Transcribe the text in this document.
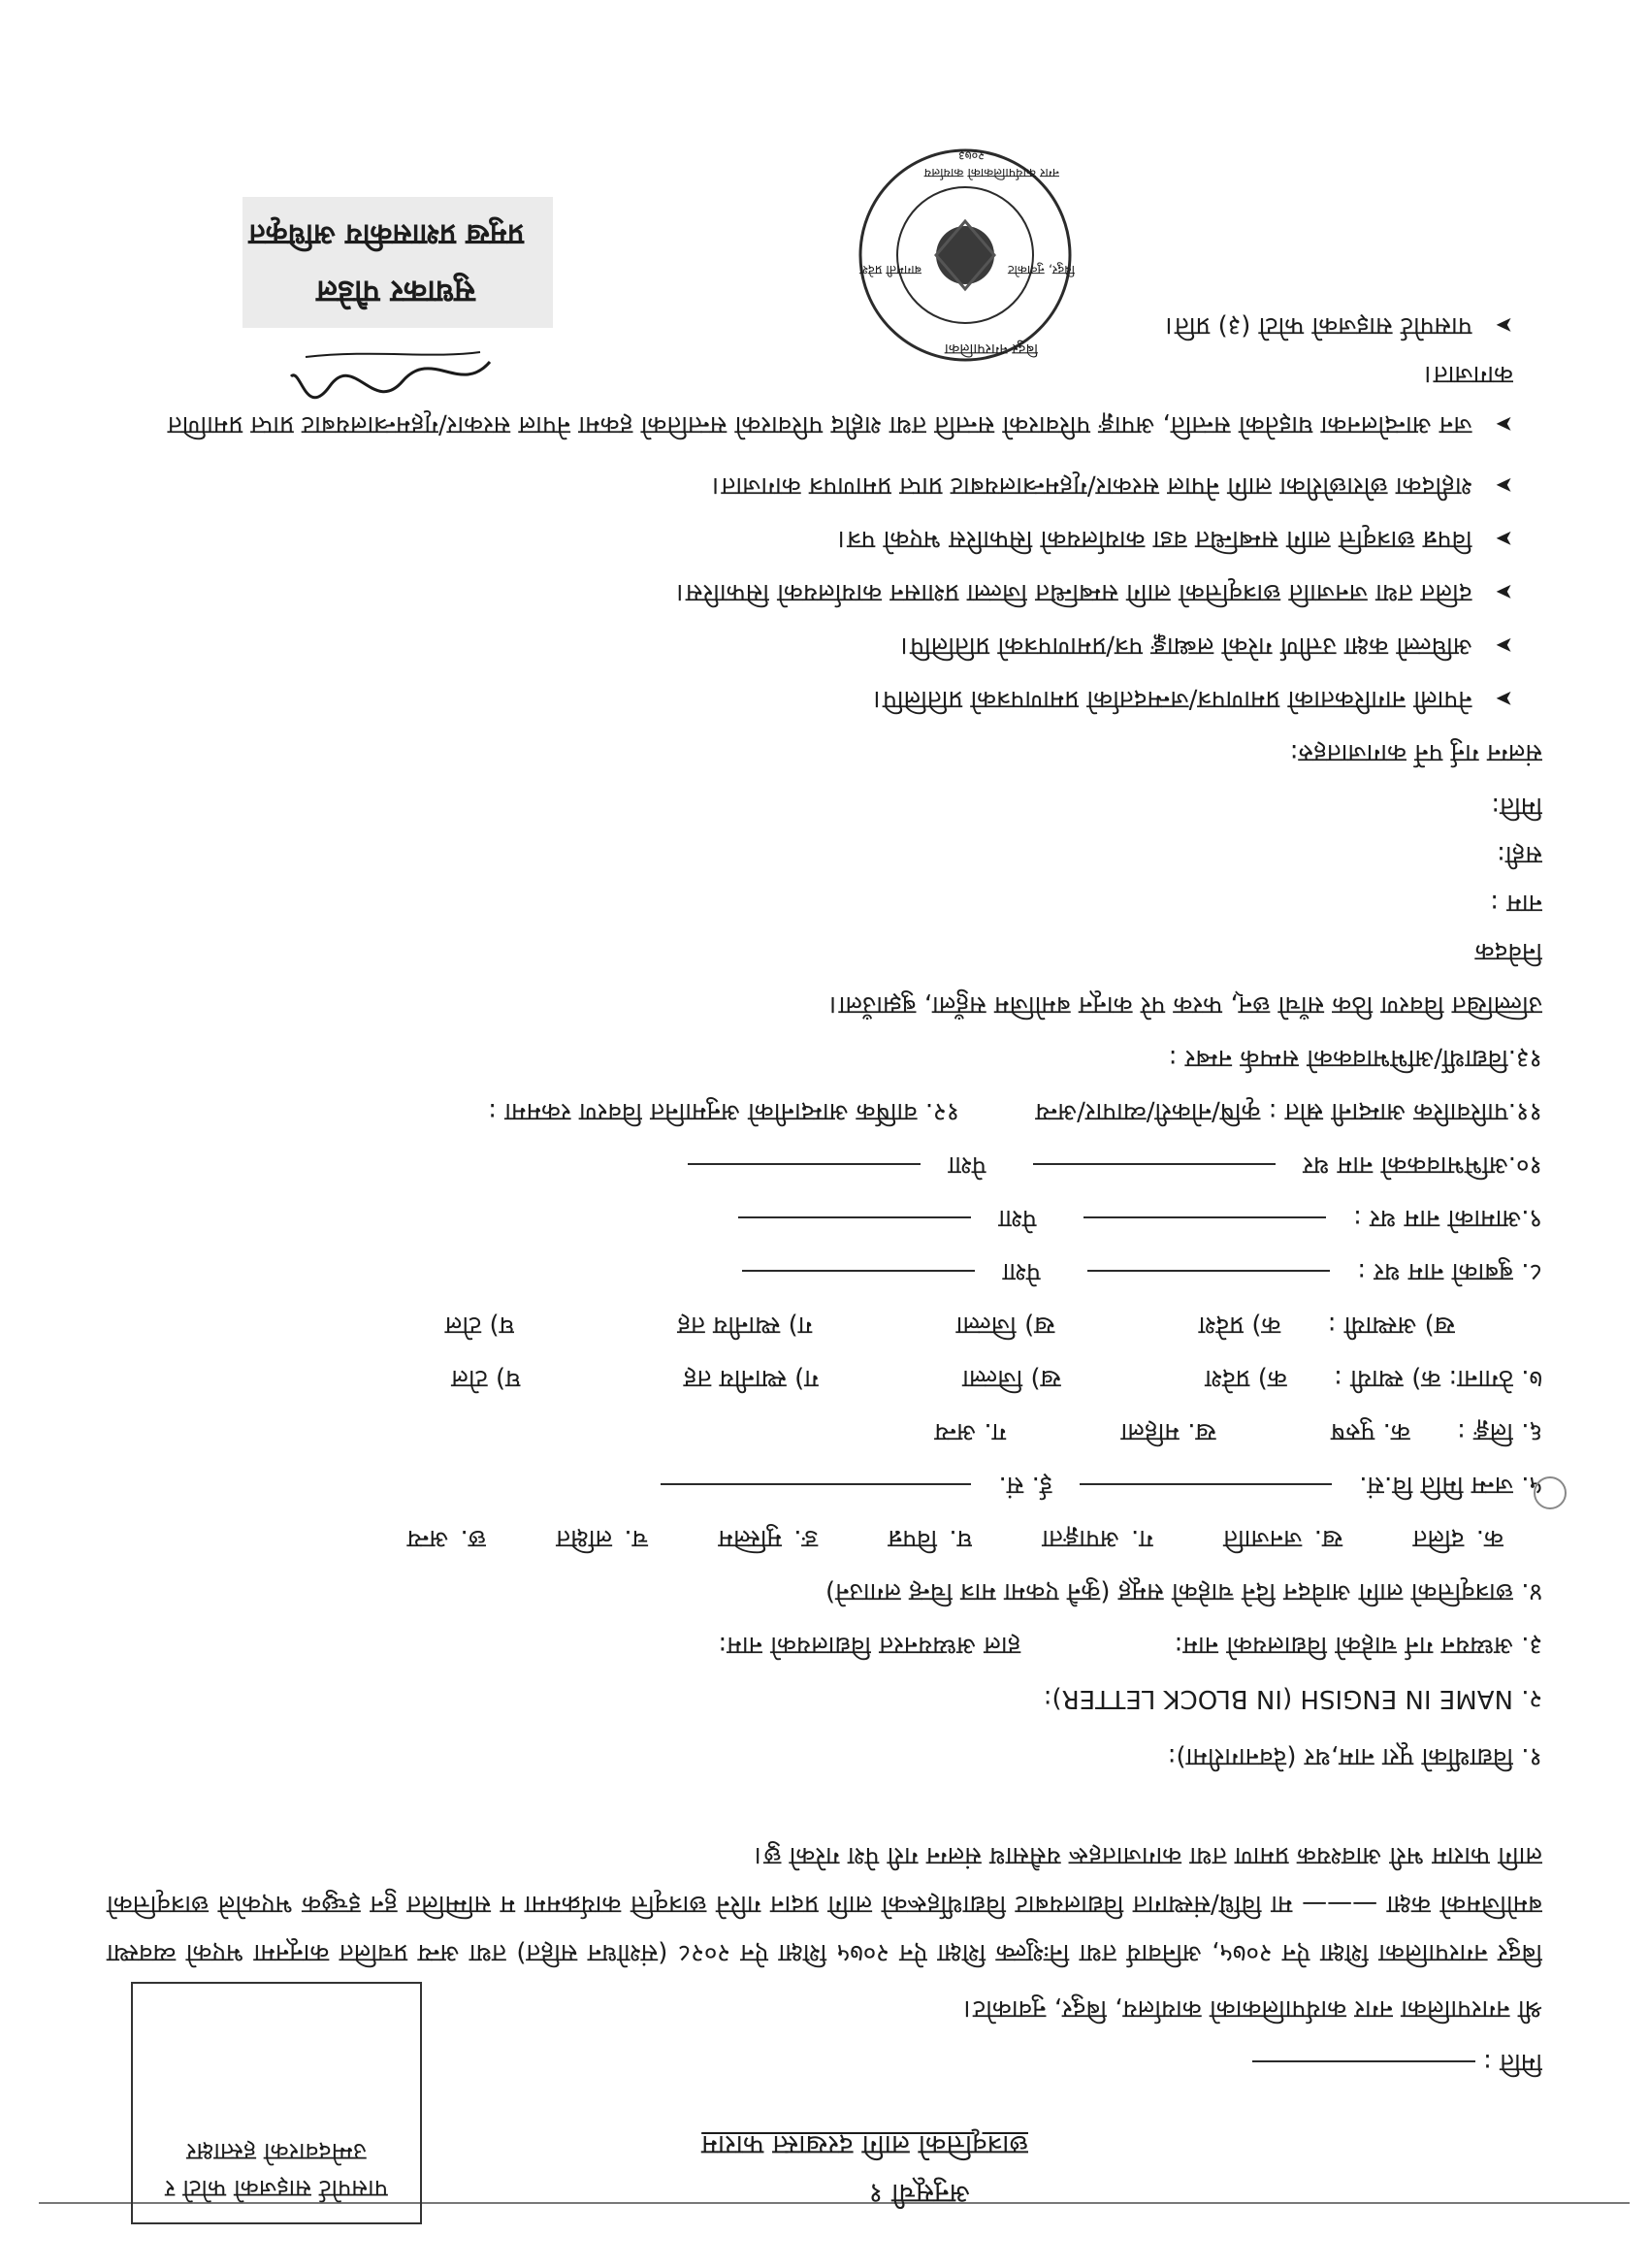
अनुसूची १
छात्रवृत्तिको लागि दरखास्त फाराम
पासपोर्ट साइजको फोटो र उम्मेदवारको हस्ताक्षर
मिति :
श्री नगरपालिका नगर कार्यपालिकाको कार्यालय, बिदुर, नुवाकोट।
बिदुर नगरपालिका शिक्षा ऐन २०७५, अनिवार्य तथा निःशुल्क शिक्षा ऐन २०७५ शिक्षा ऐन २०२८ (संशोधन सहित) तथा अन्य प्रचलित कानूनमा भएको व्यवस्था बमोजिमको कक्षा ——— मा विधि/संस्थागत विद्यालयबाट विद्यार्थीहरूको लागि प्रदान गरिने छात्रवृत्ति कार्यक्रममा म सम्मिलित हुन इच्छुक भएकोले छात्रवृत्तिको लागि फाराम भरी आवश्यक प्रमाण तथा कागजातहरू यसैसाथ संलग्न गरी पेश गरेको छु।
१. विद्यार्थीको पूरा नाम,थर (देवनागरीमा):
२. NAME IN ENGISH (IN BLOCK LETTER):
३. अध्ययन गर्न चाहेको विद्यालयको नाम: हाल अध्ययनरत विद्यालयको नाम:
४. छात्रवृत्तिको लागि आवेदन दिने चाहेको समूह (कुनै एकमा मात्र चिन्ह लगाउने)
क. दलित ख. जनजाति ग. अपाङ्गता घ. विपन्न ङ. मुस्लिम च. लक्षित छ. अन्य
५. जन्म मिति वि.सं.  ई. सं.
६. लिङ्ग : क. पुरुष ख. महिला ग. अन्य
७. ठेगाना: क) स्थायी : क) प्रदेश ख) जिल्ला ग) स्थानीय तह घ) टोल
ख) अस्थायी : क) प्रदेश ख) जिल्ला ग) स्थानीय तह घ) टोल
८. बुबाको नाम थर :  पेशा
९.आमाको नाम थर :  पेशा
१०.अभिभावकको नाम थर  पेशा
११.पारिवारिक आम्दानी स्रोत : कृषि/नोकरी/व्यापार/अन्य १२. वार्षिक आम्दानीको अनुमानित विवरण रकममा :
१३.विद्यार्थी/अभिभावकको सम्पर्क नम्बर :
उल्लिखित विवरण ठिक साँचो छन्, फरक परे कानून बमोजिम सहुँला, बुझाउँला।
निवेदक
नाम :
सही:
मिति:
संलग्न गर्नु पर्ने कागजातहरु:
➤ नेपाली नागरिकताको प्रमाणपत्र/जन्मदर्ताको प्रमाणपत्रको प्रतिलिपि।
➤ अघिल्लो कक्षा उत्तीर्ण गरेको लब्धाङ्क पत्र/प्रमाणपत्रको प्रतिलिपि।
➤ दलित तथा जनजाति छात्रवृत्तिको लागि सम्बन्धित जिल्ला प्रशासन कार्यालयको सिफारिस।
➤ विपन्न छात्रवृत्ति लागि सम्बन्धित वडा कार्यालयको सिफारिस भएको पत्र।
➤ शहीदका छोराछोरीका लागि नेपाल सरकार/गृहमन्त्रालयबाट प्राप्त प्रमाणपत्र कागजात।
➤ जन आन्दोलनका घाइतेको सन्तति, अपाङ्ग परिवारको सन्तति तथा शहीद परिवारको सन्ततिको हकमा नेपाल सरकार/गृहमन्त्रालयबाट प्राप्त प्रमाणित कागजात।
➤ पासपोर्ट साइजको फोटो (३) प्रति।
सुधाकर पौडेल
प्रमुख प्रशासकीय अधिकृत
बिदुर नगरपालिका
नगर कार्यपालिकाको कार्यालय
बिदुर, नुवाकोट
बागमती प्रदेश
२०७३
